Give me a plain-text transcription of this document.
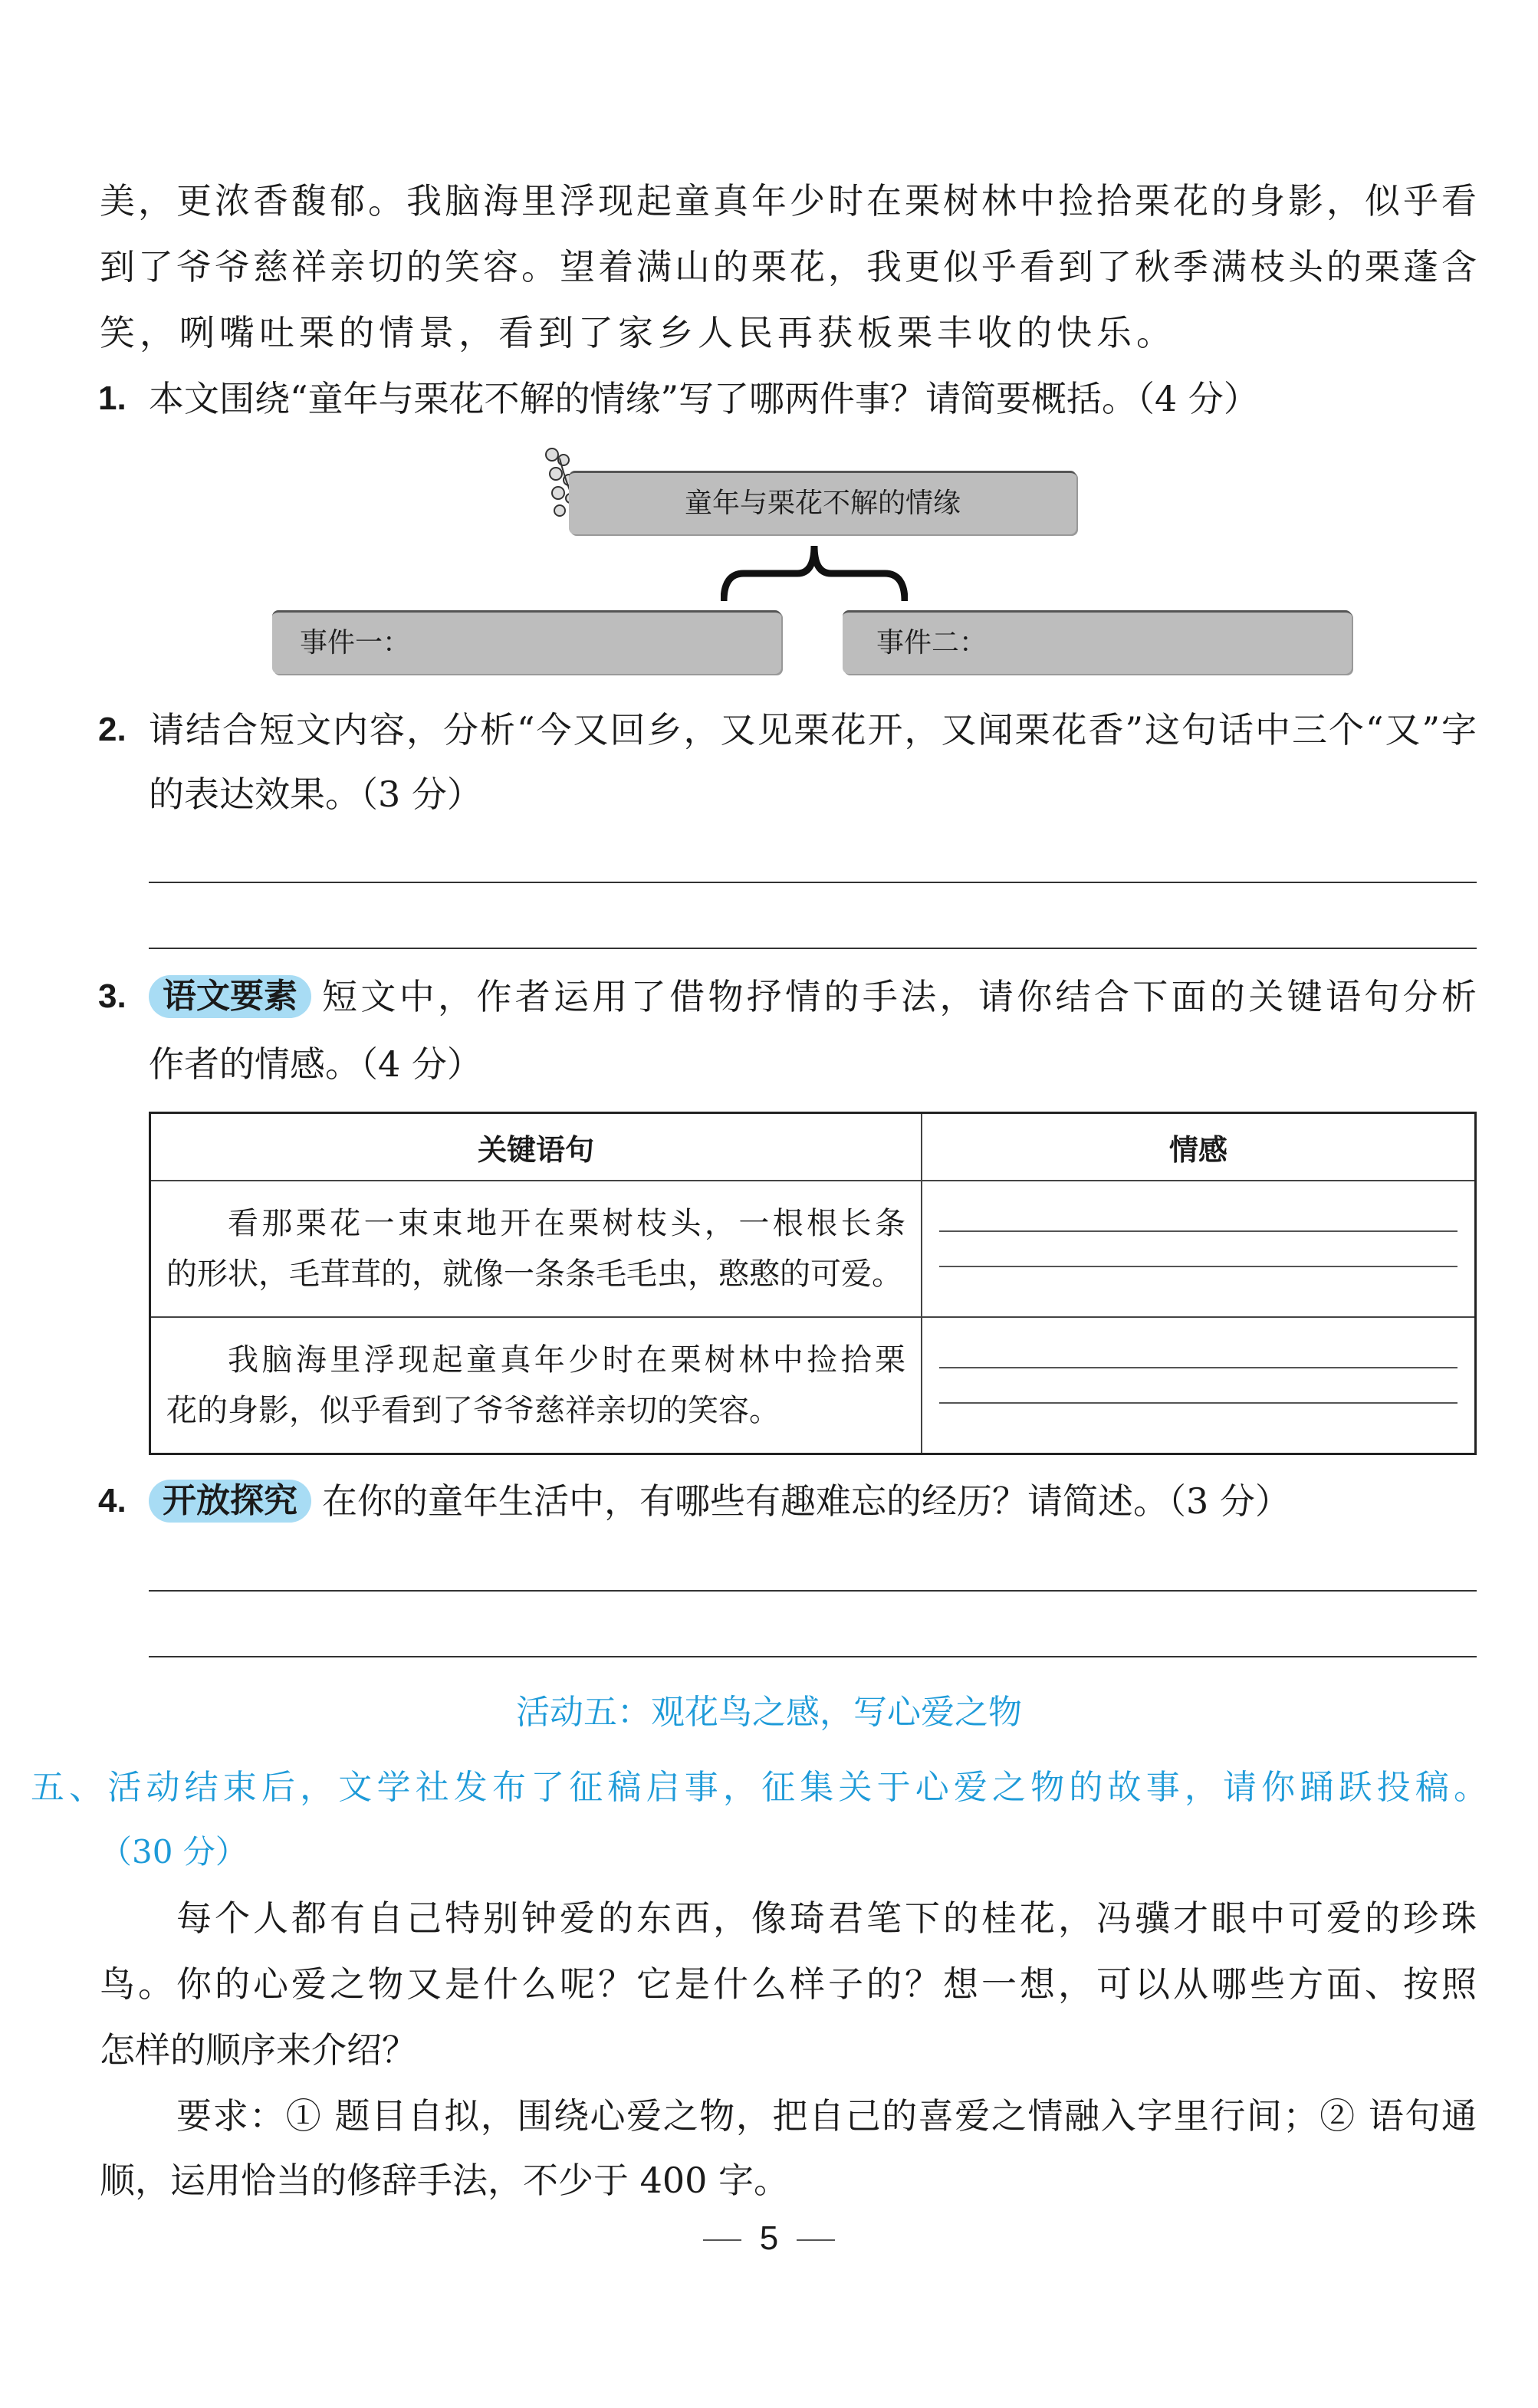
美，更浓香馥郁。我脑海里浮现起童真年少时在栗树林中捡拾栗花的身影，似乎看
到了爷爷慈祥亲切的笑容。望着满山的栗花，我更似乎看到了秋季满枝头的栗蓬含
笑，咧嘴吐栗的情景，看到了家乡人民再获板栗丰收的快乐。
1. 本文围绕“童年与栗花不解的情缘”写了哪两件事？请简要概括。（4 分）
童年与栗花不解的情缘
事件一：	事件二：
2. 请结合短文内容，分析“今又回乡，又见栗花开，又闻栗花香”这句话中三个“又”字
的表达效果。（3 分）
3.	语文要素 短文中，作者运用了借物抒情的手法，请你结合下面的关键语句分析
作者的情感。（4 分）
关键语句	情感

看那栗花一束束地开在栗树枝头，一根根长条
的形状，毛茸茸的，就像一条条毛毛虫，憨憨的可爱。	

我脑海里浮现起童真年少时在栗树林中捡拾栗
花的身影，似乎看到了爷爷慈祥亲切的笑容。	

4.	开放探究 在你的童年生活中，有哪些有趣难忘的经历？请简述。（3 分）
活动五：观花鸟之感，写心爱之物
五、活动结束后，文学社发布了征稿启事，征集关于心爱之物的故事，请你踊跃投稿。
（30 分）
每个人都有自己特别钟爱的东西，像琦君笔下的桂花，冯骥才眼中可爱的珍珠
鸟。你的心爱之物又是什么呢？它是什么样子的？想一想，可以从哪些方面、按照
怎样的顺序来介绍？
要求：① 题目自拟，围绕心爱之物，把自己的喜爱之情融入字里行间；② 语句通
顺，运用恰当的修辞手法，不少于 400 字。
5
